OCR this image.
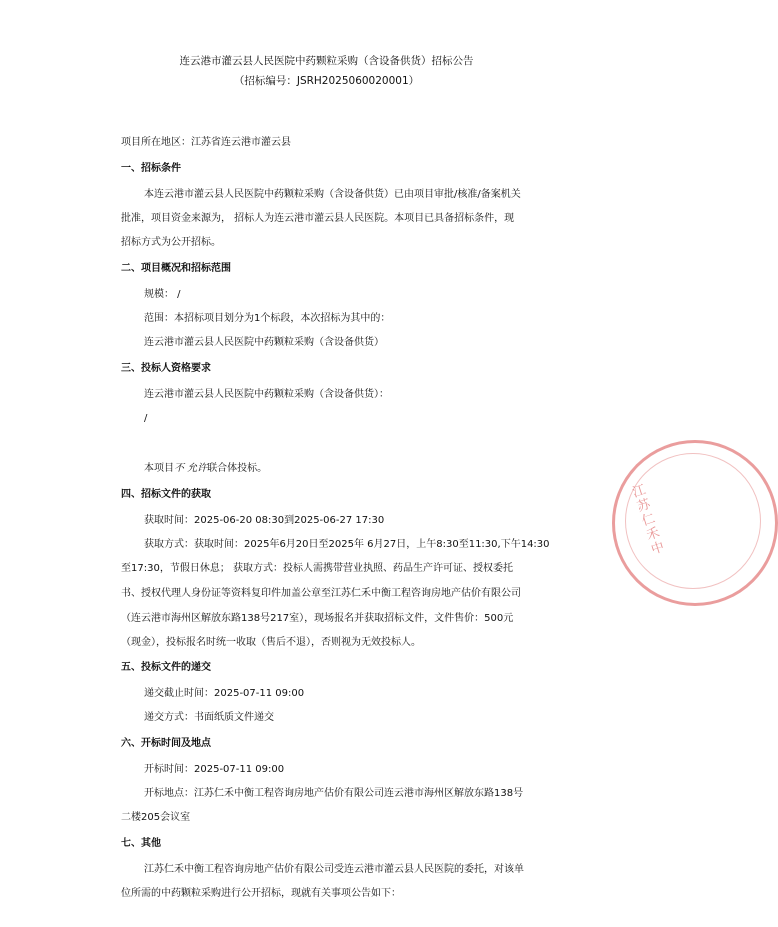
连云港市灌云县人民医院中药颗粒采购（含设备供货）招标公告
（招标编号：JSRH2025060020001）
项目所在地区：江苏省连云港市灌云县
一、招标条件
本连云港市灌云县人民医院中药颗粒采购（含设备供货）已由项目审批/核准/备案机关
批准，项目资金来源为， 招标人为连云港市灌云县人民医院。本项目已具备招标条件，现
招标方式为公开招标。
二、项目概况和招标范围
规模： /
范围：本招标项目划分为1个标段，本次招标为其中的：
连云港市灌云县人民医院中药颗粒采购（含设备供货）
三、投标人资格要求
连云港市灌云县人民医院中药颗粒采购（含设备供货）：
/
本项目不 允许联合体投标。
四、招标文件的获取
获取时间：2025-06-20 08:30到2025-06-27 17:30
获取方式：获取时间：2025年6月20日至2025年 6月27日，上午8:30至11:30,下午14:30
至17:30，节假日休息； 获取方式：投标人需携带营业执照、药品生产许可证、授权委托
书、授权代理人身份证等资料复印件加盖公章至江苏仁禾中衡工程咨询房地产估价有限公司
（连云港市海州区解放东路138号217室），现场报名并获取招标文件，文件售价：500元
（现金），投标报名时统一收取（售后不退），否则视为无效投标人。
五、投标文件的递交
递交截止时间：2025-07-11 09:00
递交方式：书面纸质文件递交
六、开标时间及地点
开标时间：2025-07-11 09:00
开标地点：江苏仁禾中衡工程咨询房地产估价有限公司连云港市海州区解放东路138号
二楼205会议室
七、其他
江苏仁禾中衡工程咨询房地产估价有限公司受连云港市灌云县人民医院的委托，对该单
位所需的中药颗粒采购进行公开招标，现就有关事项公告如下：
江苏仁禾中
